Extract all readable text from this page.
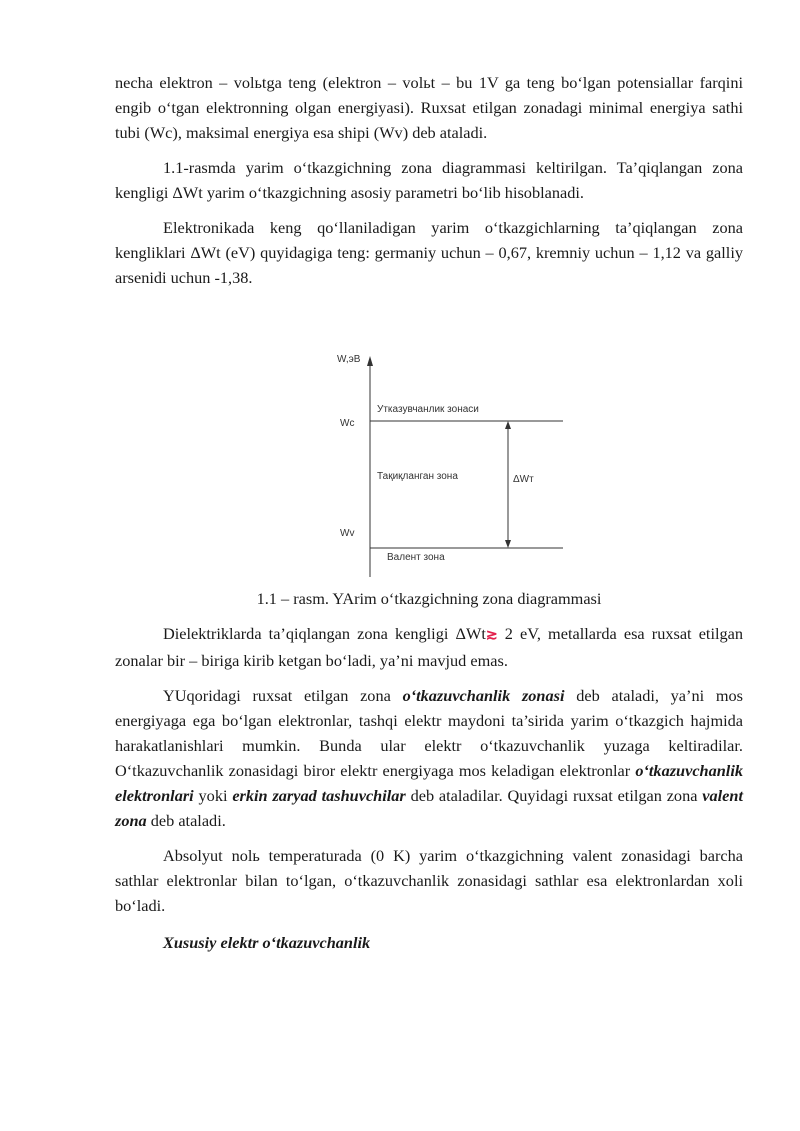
necha elektron – volьtga teng (elektron – volьt – bu 1V ga teng bo‘lgan potensiallar farqini engib o‘tgan elektronning olgan energiyasi). Ruxsat etilgan zonadagi minimal energiya sathi tubi (Wc), maksimal energiya esa shipi (Wv) deb ataladi.

1.1-rasmda yarim o‘tkazgichning zona diagrammasi keltirilgan. Ta’qiqlangan zona kengligi ΔWt yarim o‘tkazgichning asosiy parametri bo‘lib hisoblanadi.

Elektronikada keng qo‘llaniladigan yarim o‘tkazgichlarning ta’qiqlangan zona kengliklari ΔWt (eV) quyidagiga teng: germaniy uchun – 0,67, kremniy uchun – 1,12 va galliy arsenidi uchun -1,38.

W,эВ
Wc
Wv
Утказувчанлик зонаси
Тақиқланган зона
Валент зона
ΔWт

1.1 – rasm. YArim o‘tkazgichning zona diagrammasi

Dielektriklarda ta’qiqlangan zona kengligi ΔWt≳ 2 eV, metallarda esa ruxsat etilgan zonalar bir – biriga kirib ketgan bo‘ladi, ya’ni mavjud emas.

YUqoridagi ruxsat etilgan zona o‘tkazuvchanlik zonasi deb ataladi, ya’ni mos energiyaga ega bo‘lgan elektronlar, tashqi elektr maydoni ta’sirida yarim o‘tkazgich hajmida harakatlanishlari mumkin. Bunda ular elektr o‘tkazuvchanlik yuzaga keltiradilar. O‘tkazuvchanlik zonasidagi biror elektr energiyaga mos keladigan elektronlar o‘tkazuvchanlik elektronlari yoki erkin zaryad tashuvchilar deb ataladilar. Quyidagi ruxsat etilgan zona valent zona deb ataladi.

Absolyut nolь temperaturada (0 K) yarim o‘tkazgichning valent zonasidagi barcha sathlar elektronlar bilan to‘lgan, o‘tkazuvchanlik zonasidagi sathlar esa elektronlardan xoli bo‘ladi.

Xususiy elektr o‘tkazuvchanlik
